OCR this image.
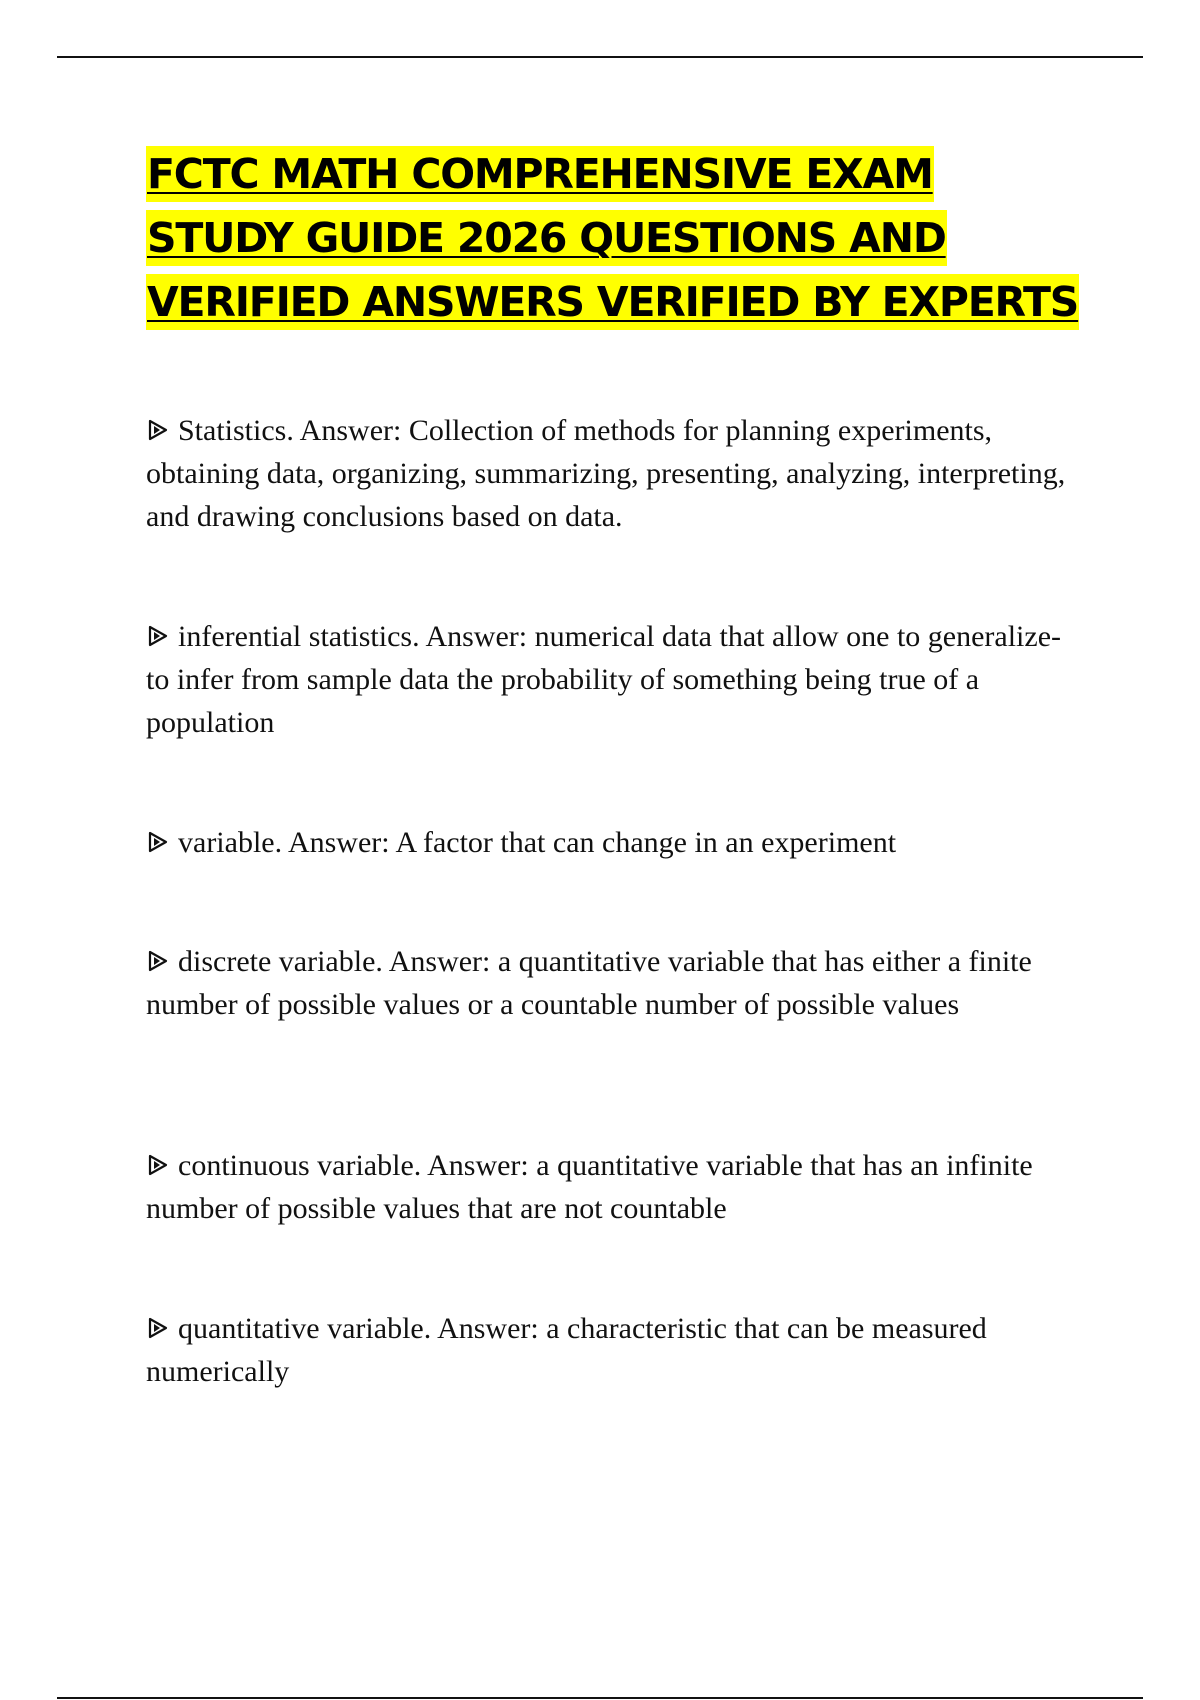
FCTC MATH COMPREHENSIVE EXAM
STUDY GUIDE 2026 QUESTIONS AND
VERIFIED ANSWERS VERIFIED BY EXPERTS
Statistics. Answer: Collection of methods for planning experiments, obtaining data, organizing, summarizing, presenting, analyzing, interpreting, and drawing conclusions based on data.
inferential statistics. Answer: numerical data that allow one to generalize- to infer from sample data the probability of something being true of a population
variable. Answer: A factor that can change in an experiment
discrete variable. Answer: a quantitative variable that has either a finite number of possible values or a countable number of possible values
continuous variable. Answer: a quantitative variable that has an infinite number of possible values that are not countable
quantitative variable. Answer: a characteristic that can be measured numerically
